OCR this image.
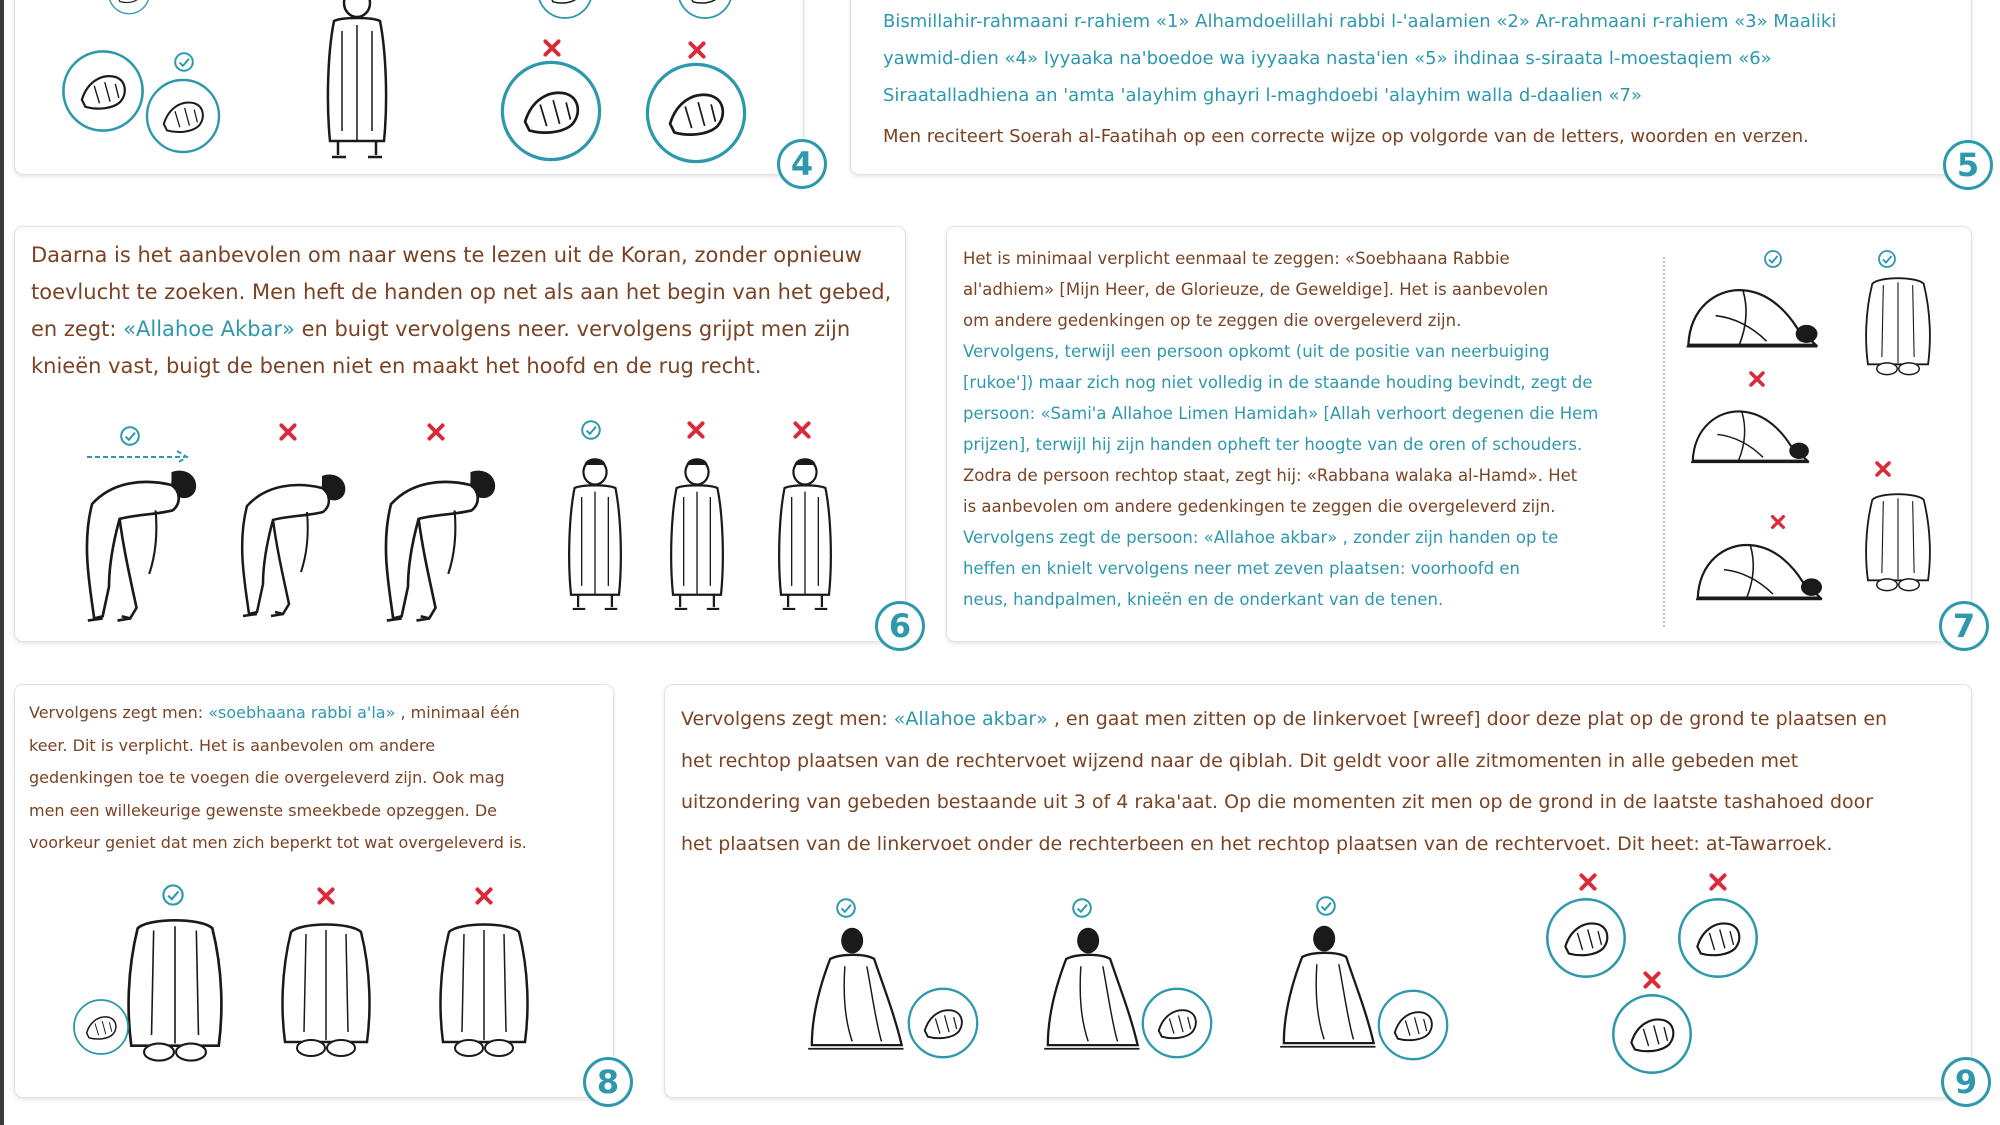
4

Bismillahir-rahmaani r-rahiem «1» Alhamdoelillahi rabbi l-'aalamien «2» Ar-rahmaani r-rahiem «3» Maaliki

yawmid-dien «4» Iyyaaka na'boedoe wa iyyaaka nasta'ien «5» ihdinaa s-siraata l-moestaqiem «6»

Siraatalladhiena an 'amta 'alayhim ghayri l-maghdoebi 'alayhim walla d-daalien «7»

Men reciteert Soerah al-Faatihah op een correcte wijze op volgorde van de letters, woorden en verzen.

5

Daarna is het aanbevolen om naar wens te lezen uit de Koran, zonder opnieuw

toevlucht te zoeken. Men heft de handen op net als aan het begin van het gebed,

en zegt: «Allahoe Akbar» en buigt vervolgens neer. vervolgens grijpt men zijn

knieën vast, buigt de benen niet en maakt het hoofd en de rug recht.

6

Het is minimaal verplicht eenmaal te zeggen: «Soebhaana Rabbie

al'adhiem» [Mijn Heer, de Glorieuze, de Geweldige]. Het is aanbevolen

om andere gedenkingen op te zeggen die overgeleverd zijn.

Vervolgens, terwijl een persoon opkomt (uit de positie van neerbuiging

[rukoe']) maar zich nog niet volledig in de staande houding bevindt, zegt de

persoon: «Sami'a Allahoe Limen Hamidah» [Allah verhoort degenen die Hem

prijzen], terwijl hij zijn handen opheft ter hoogte van de oren of schouders.

Zodra de persoon rechtop staat, zegt hij: «Rabbana walaka al-Hamd». Het

is aanbevolen om andere gedenkingen te zeggen die overgeleverd zijn.

Vervolgens zegt de persoon: «Allahoe akbar» , zonder zijn handen op te

heffen en knielt vervolgens neer met zeven plaatsen: voorhoofd en

neus, handpalmen, knieën en de onderkant van de tenen.

7

Vervolgens zegt men: «soebhaana rabbi a'la» , minimaal één

keer. Dit is verplicht. Het is aanbevolen om andere

gedenkingen toe te voegen die overgeleverd zijn. Ook mag

men een willekeurige gewenste smeekbede opzeggen. De

voorkeur geniet dat men zich beperkt tot wat overgeleverd is.

8

Vervolgens zegt men: «Allahoe akbar» , en gaat men zitten op de linkervoet [wreef] door deze plat op de grond te plaatsen en

het rechtop plaatsen van de rechtervoet wijzend naar de qiblah. Dit geldt voor alle zitmomenten in alle gebeden met

uitzondering van gebeden bestaande uit 3 of 4 raka'aat. Op die momenten zit men op de grond in de laatste tashahoed door

het plaatsen van de linkervoet onder de rechterbeen en het rechtop plaatsen van de rechtervoet. Dit heet: at-Tawarroek.

9
